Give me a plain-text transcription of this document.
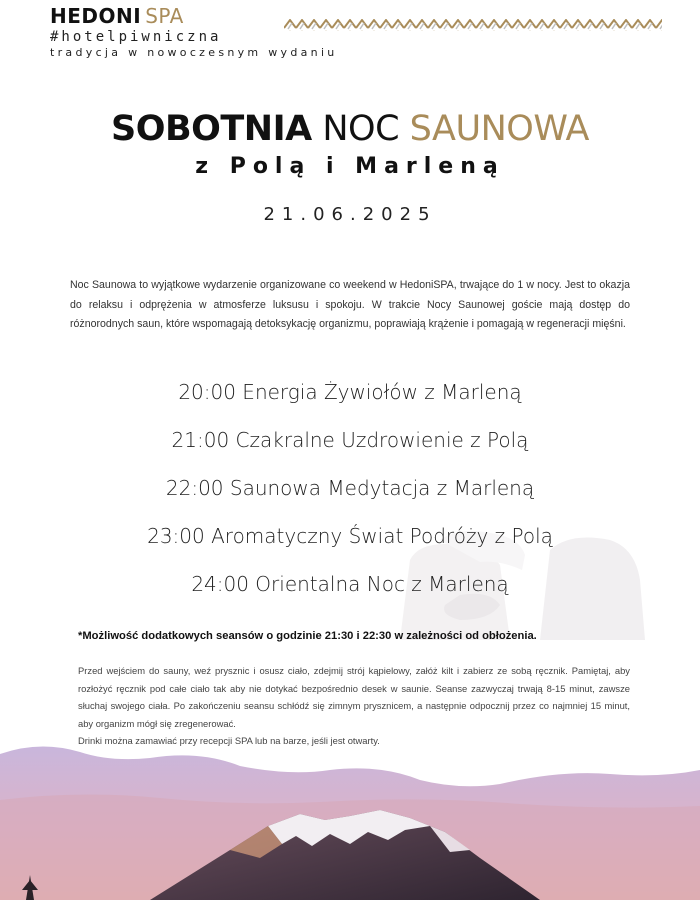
HEDONI SPA
#hotelpiwniczna
tradycja w nowoczesnym wydaniu
SOBOTNIA NOC SAUNOWA
z Polą i Marleną
21.06.2025
Noc Saunowa to wyjątkowe wydarzenie organizowane co weekend w HedoniSPA, trwające do 1 w nocy. Jest to okazja do relaksu i odprężenia w atmosferze luksusu i spokoju. W trakcie Nocy Saunowej goście mają dostęp do różnorodnych saun, które wspomagają detoksykację organizmu, poprawiają krążenie i pomagają w regeneracji mięśni.
20:00 Energia Żywiołów z Marleną
21:00 Czakralne Uzdrowienie z Polą
22:00 Saunowa Medytacja z Marleną
23:00 Aromatyczny Świat Podróży z Polą
24:00 Orientalna Noc z Marleną
*Możliwość dodatkowych seansów o godzinie 21:30 i 22:30 w zależności od obłożenia.

Przed wejściem do sauny, weź prysznic i osusz ciało, zdejmij strój kąpielowy, załóż kilt i zabierz ze sobą ręcznik. Pamiętaj, aby rozłożyć ręcznik pod całe ciało tak aby nie dotykać bezpośrednio desek w saunie. Seanse zazwyczaj trwają 8-15 minut, zawsze słuchaj swojego ciała. Po zakończeniu seansu schłódź się zimnym prysznicem, a następnie odpocznij przez co najmniej 15 minut, aby organizm mógł się zregenerować.

Drinki można zamawiać przy recepcji SPA lub na barze, jeśli jest otwarty.
